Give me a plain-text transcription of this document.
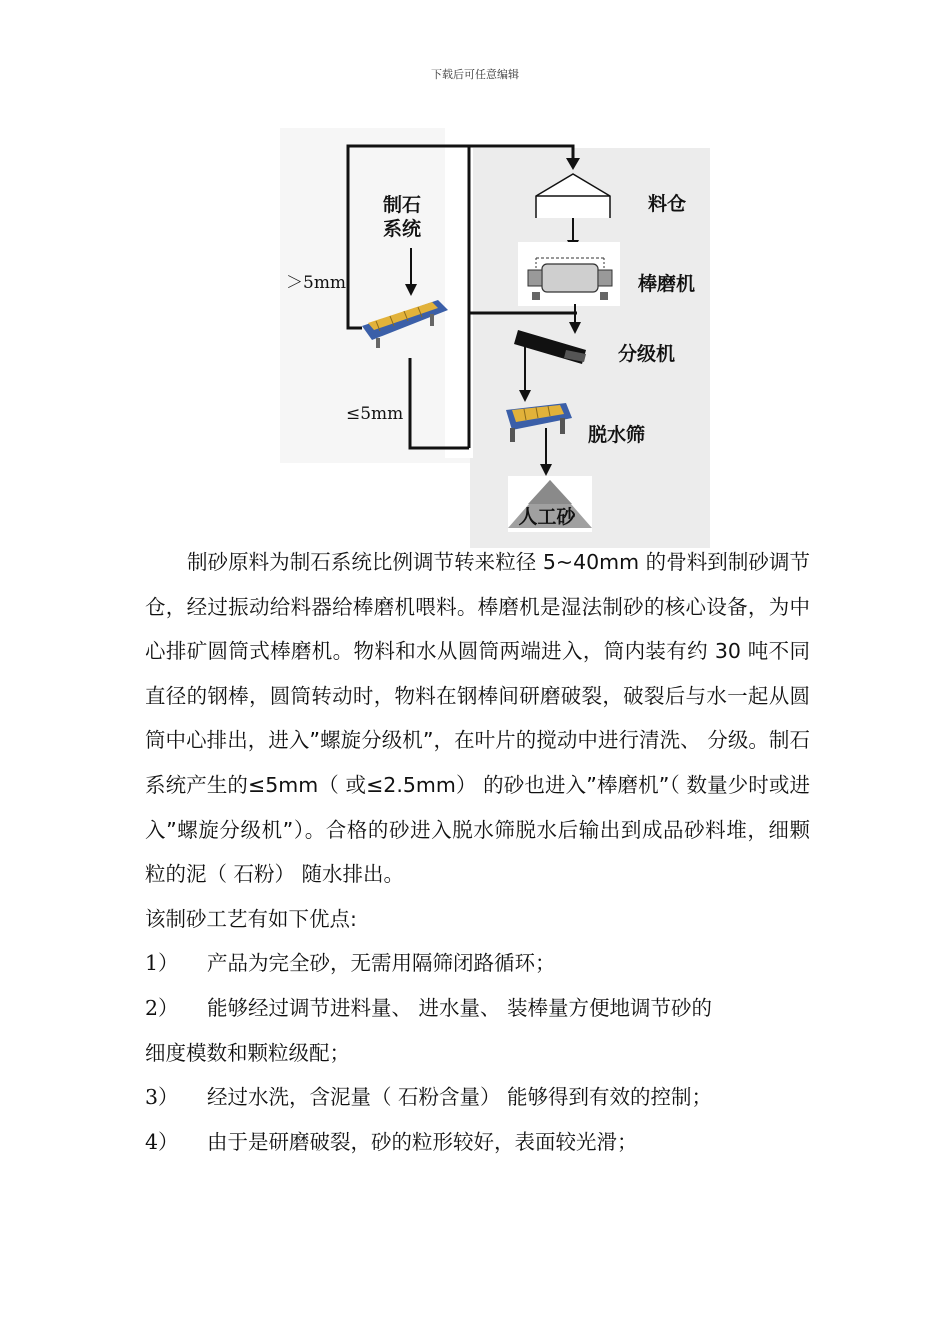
下载后可任意编辑
制石
系统
＞5mm
≤5mm
料仓
棒磨机
分级机
脱水筛
人工砂

制砂原料为制石系统比例调节转来粒径 5~40mm 的骨料到制砂调节仓，经过振动给料器给棒磨机喂料。棒磨机是湿法制砂的核心设备，为中心排矿圆筒式棒磨机。物料和水从圆筒两端进入，筒内装有约 30 吨不同直径的钢棒，圆筒转动时，物料在钢棒间研磨破裂，破裂后与水一起从圆筒中心排出，进入”螺旋分级机”，在叶片的搅动中进行清洗、 分级。制石系统产生的≤5mm（ 或≤2.5mm） 的砂也进入”棒磨机”（ 数量少时或进入”螺旋分级机”）。合格的砂进入脱水筛脱水后输出到成品砂料堆，细颗粒的泥（ 石粉） 随水排出。

该制砂工艺有如下优点:

1）	产品为完全砂，无需用隔筛闭路循环；
2）	能够经过调节进料量、 进水量、 装棒量方便地调节砂的

细度模数和颗粒级配；

3）	经过水洗，含泥量（ 石粉含量） 能够得到有效的控制；
4）	由于是研磨破裂，砂的粒形较好，表面较光滑；
